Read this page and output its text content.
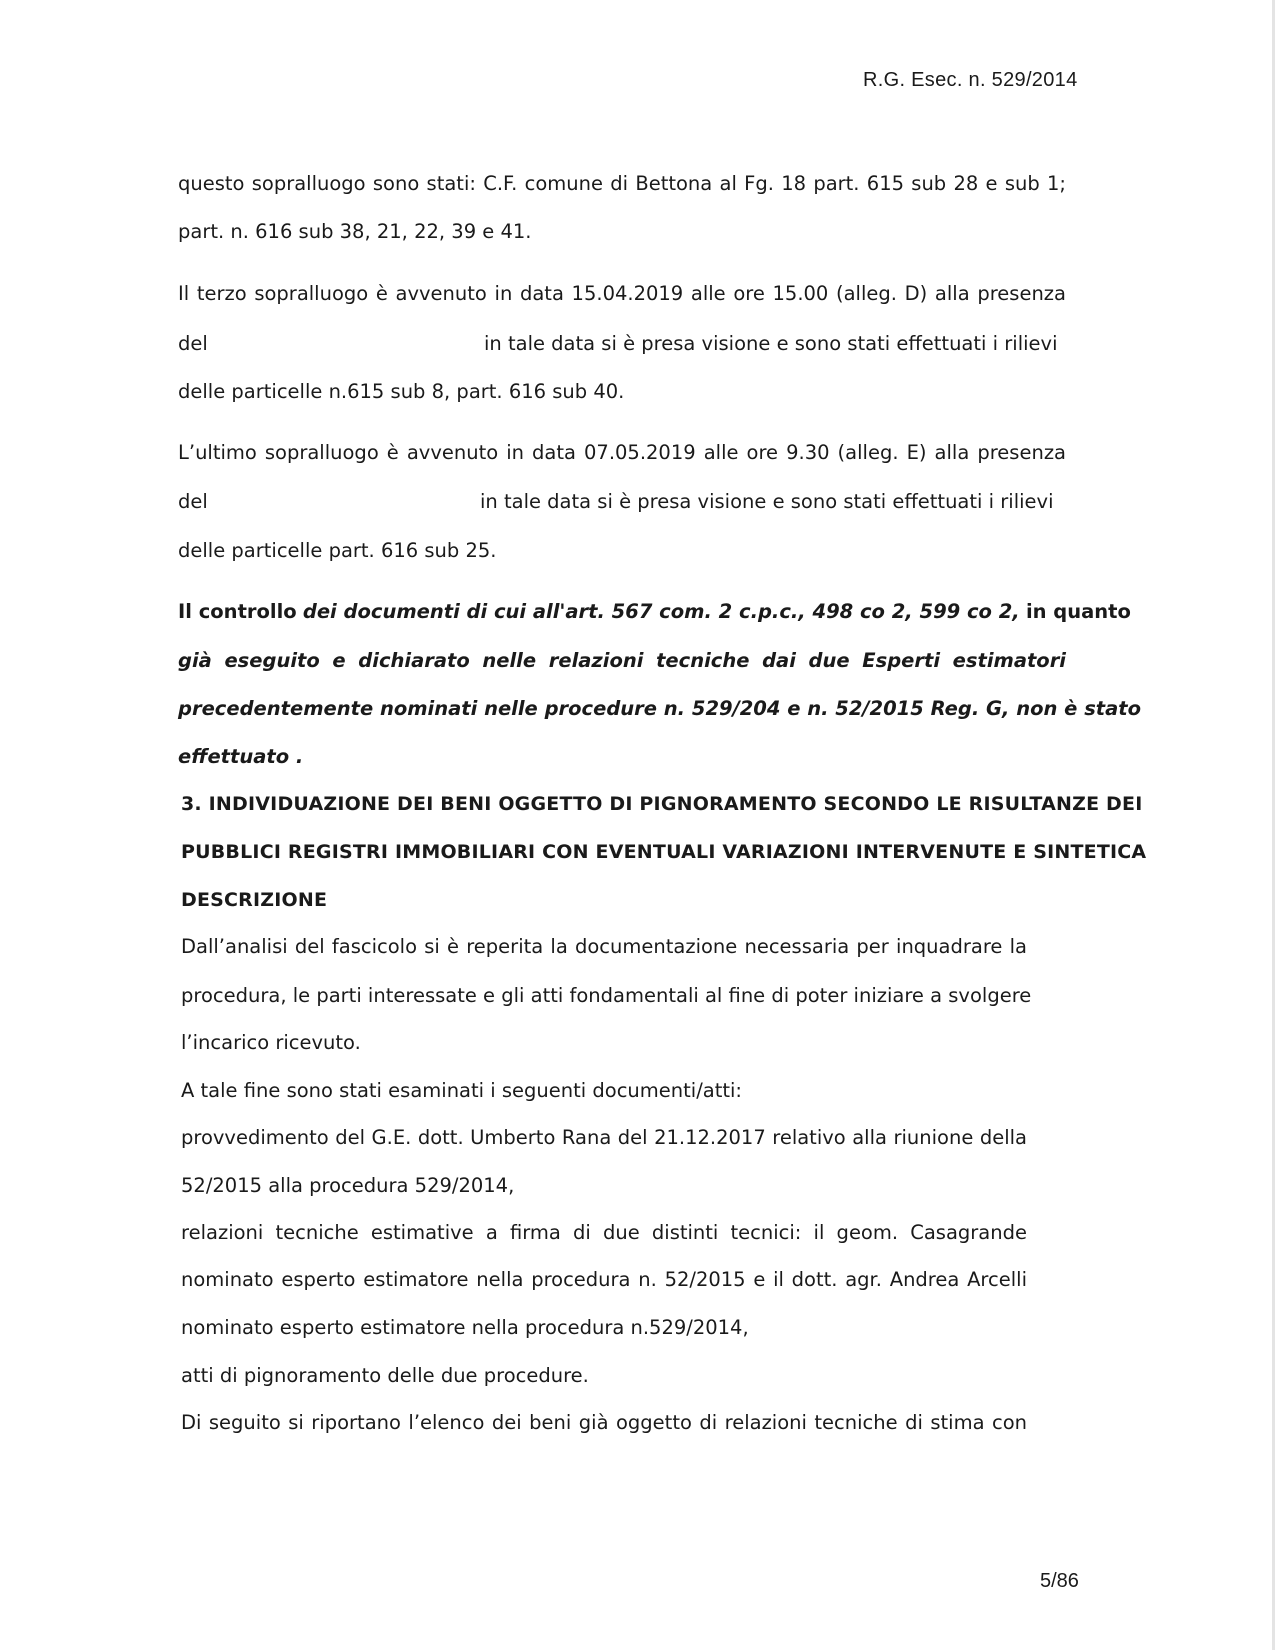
R.G. Esec. n. 529/2014
questo sopralluogo sono stati: C.F. comune di Bettona al Fg. 18 part. 615 sub 28 e sub 1;
part. n. 616 sub 38, 21, 22, 39 e 41.
Il terzo sopralluogo è avvenuto in data 15.04.2019 alle ore 15.00 (alleg. D) alla presenza
del	in tale data si è presa visione e sono stati effettuati i rilievi
delle particelle n.615 sub 8, part. 616 sub 40.
L’ultimo sopralluogo è avvenuto in data 07.05.2019 alle ore 9.30 (alleg. E) alla presenza
del	in tale data si è presa visione e sono stati effettuati i rilievi
delle particelle part. 616 sub 25.
Il controllo dei documenti di cui all'art. 567 com. 2 c.p.c., 498 co 2, 599 co 2, in quanto
già eseguito e dichiarato nelle relazioni tecniche dai due Esperti estimatori
precedentemente nominati nelle procedure n. 529/204 e n. 52/2015 Reg. G, non è stato
effettuato .
3. INDIVIDUAZIONE DEI BENI OGGETTO DI PIGNORAMENTO SECONDO LE RISULTANZE DEI
PUBBLICI REGISTRI IMMOBILIARI CON EVENTUALI VARIAZIONI INTERVENUTE E SINTETICA
DESCRIZIONE
Dall’analisi del fascicolo si è reperita la documentazione necessaria per inquadrare la
procedura, le parti interessate e gli atti fondamentali al fine di poter iniziare a svolgere
l’incarico ricevuto.
A tale fine sono stati esaminati i seguenti documenti/atti:
provvedimento del G.E. dott. Umberto Rana del 21.12.2017 relativo alla riunione della
52/2015 alla procedura 529/2014,
relazioni tecniche estimative a firma di due distinti tecnici: il geom. Casagrande
nominato esperto estimatore nella procedura n. 52/2015 e il dott. agr. Andrea Arcelli
nominato esperto estimatore nella procedura n.529/2014,
atti di pignoramento delle due procedure.
Di seguito si riportano l’elenco dei beni già oggetto di relazioni tecniche di stima con
5/86
